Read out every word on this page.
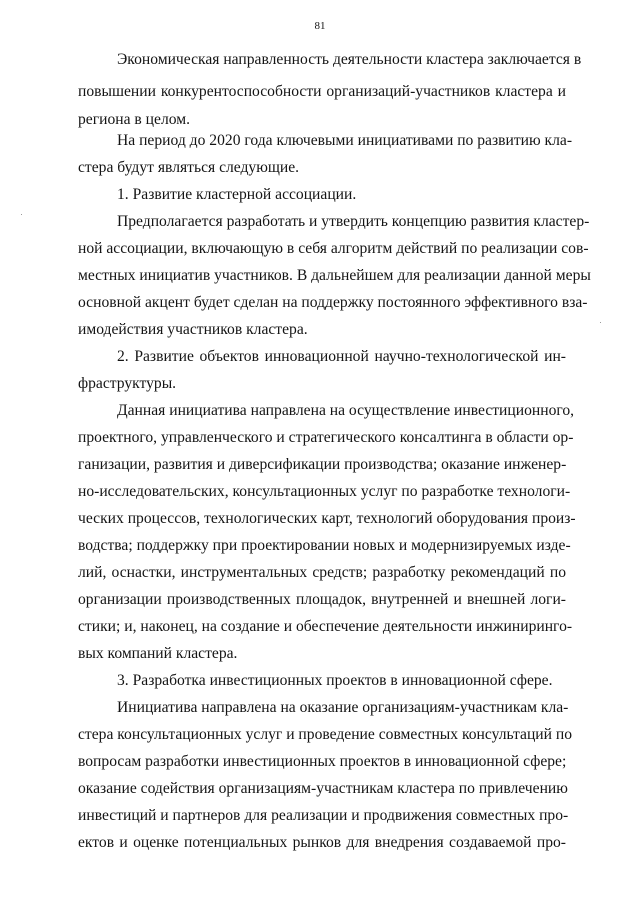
81
Экономическая направленность деятельности кластера заключается в
повышении конкурентоспособности организаций-участников кластера и
региона в целом.
На период до 2020 года ключевыми инициативами по развитию кла-
стера будут являться следующие.
1. Развитие кластерной ассоциации.
Предполагается разработать и утвердить концепцию развития кластер-
ной ассоциации, включающую в себя алгоритм действий по реализации сов-
местных инициатив участников. В дальнейшем для реализации данной меры
основной акцент будет сделан на поддержку постоянного эффективного вза-
имодействия участников кластера.
2. Развитие объектов инновационной научно-технологической ин-
фраструктуры.
Данная инициатива направлена на осуществление инвестиционного,
проектного, управленческого и стратегического консалтинга в области ор-
ганизации, развития и диверсификации производства; оказание инженер-
но-исследовательских, консультационных услуг по разработке технологи-
ческих процессов, технологических карт, технологий оборудования произ-
водства; поддержку при проектировании новых и модернизируемых изде-
лий, оснастки, инструментальных средств; разработку рекомендаций по
организации производственных площадок, внутренней и внешней логи-
стики; и, наконец, на создание и обеспечение деятельности инжиниринго-
вых компаний кластера.
3. Разработка инвестиционных проектов в инновационной сфере.
Инициатива направлена на оказание организациям-участникам кла-
стера консультационных услуг и проведение совместных консультаций по
вопросам разработки инвестиционных проектов в инновационной сфере;
оказание содействия организациям-участникам кластера по привлечению
инвестиций и партнеров для реализации и продвижения совместных про-
ектов и оценке потенциальных рынков для внедрения создаваемой про-
